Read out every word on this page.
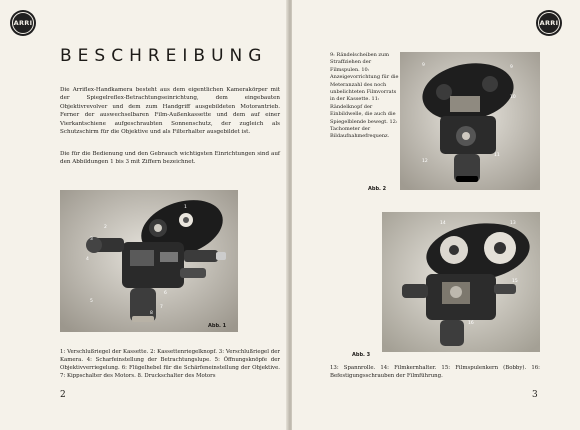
ARRI
BESCHREIBUNG
Die Arriflex-Handkamera besteht aus dem eigentlichen Kamerakörper mit der Spiegelreflex-Betrachtungseinrichtung, dem eingebauten Objektivrevolver und dem zum Handgriff ausgebildeten Motorantrieb. Ferner der auswechselbaren Film-Außenkassette und dem auf einer Vierkantschiene aufgeschraubten Sonnenschutz, der zugleich als Schutzschirm für die Objektive und als Filterhalter ausgebildet ist.
Die für die Bedienung und den Gebrauch wichtigsten Einrichtungen sind auf den Abbildungen 1 bis 3 mit Ziffern bezeichnet.
1
2
3
4
5
6
7
8
Abb. 1
1: Verschlußriegel der Kassette. 2: Kassettenriegelknopf. 3: Verschlußriegel der Kamera. 4: Scharfeinstellung der Betrachtungslupe. 5: Öffnungsknöpfe der Objektivverriegelung. 6: Flügelhebel für die Schärfeneinstellung der Objektive. 7: Kippschalter des Motors. 8. Druckschalter des Motors
2
ARRI
9: Rändelscheiben zum Straffziehen der Filmspulen. 10: Anzeigevorrichtung für die Meteranzahl des noch unbelichteten Filmvorrats in der Kassette. 11: Rändelknopf der Einbildwelle, die auch die Spiegelblende bewegt. 12: Tachometer der Bildaufnahmefrequenz.
9	9
10
12
11
Abb. 2
14	13
15
16
Abb. 3
13: Spannrolle. 14: Filmkernhalter. 15: Filmspulenkern (Bobby). 16: Befestigungsschrauben der Filmführung.
3
